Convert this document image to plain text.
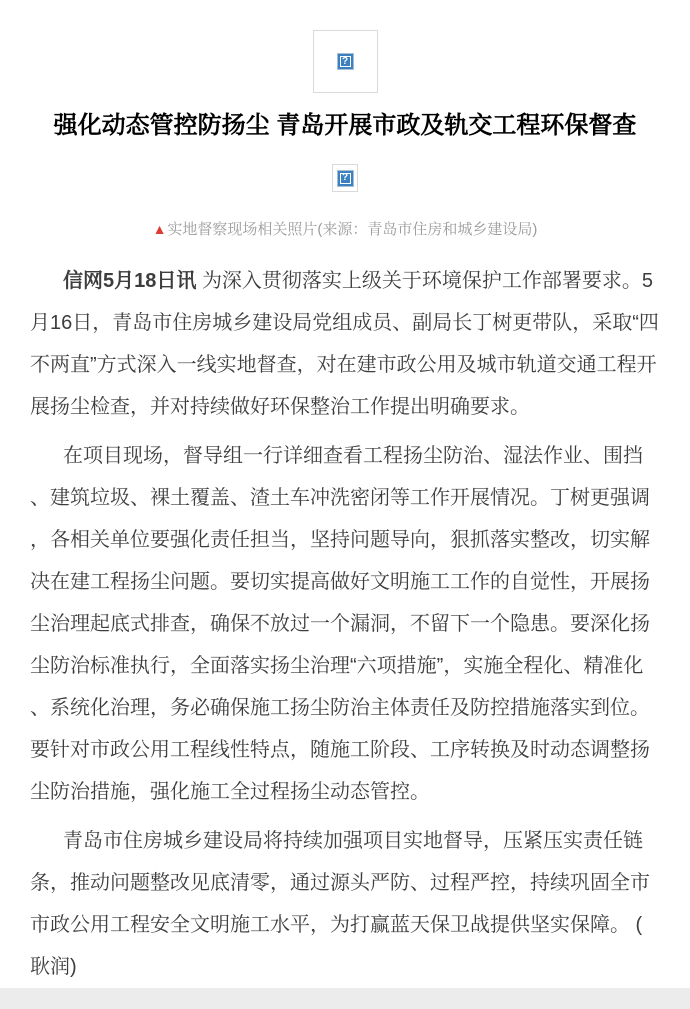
?
强化动态管控防扬尘 青岛开展市政及轨交工程环保督查
?

▲实地督察现场相关照片(来源：青岛市住房和城乡建设局)

信网5月18日讯 为深入贯彻落实上级关于环境保护工作部署要求。5月16日，青岛市住房城乡建设局党组成员、副局长丁树更带队，采取“四不两直”方式深入一线实地督查，对在建市政公用及城市轨道交通工程开展扬尘检查，并对持续做好环保整治工作提出明确要求。

在项目现场，督导组一行详细查看工程扬尘防治、湿法作业、围挡、建筑垃圾、裸土覆盖、渣土车冲洗密闭等工作开展情况。丁树更强调，各相关单位要强化责任担当，坚持问题导向，狠抓落实整改，切实解决在建工程扬尘问题。要切实提高做好文明施工工作的自觉性，开展扬尘治理起底式排查，确保不放过一个漏洞，不留下一个隐患。要深化扬尘防治标准执行，全面落实扬尘治理“六项措施”，实施全程化、精准化、系统化治理，务必确保施工扬尘防治主体责任及防控措施落实到位。要针对市政公用工程线性特点，随施工阶段、工序转换及时动态调整扬尘防治措施，强化施工全过程扬尘动态管控。

青岛市住房城乡建设局将持续加强项目实地督导，压紧压实责任链条，推动问题整改见底清零，通过源头严防、过程严控，持续巩固全市市政公用工程安全文明施工水平，为打赢蓝天保卫战提供坚实保障。 (耿润)
